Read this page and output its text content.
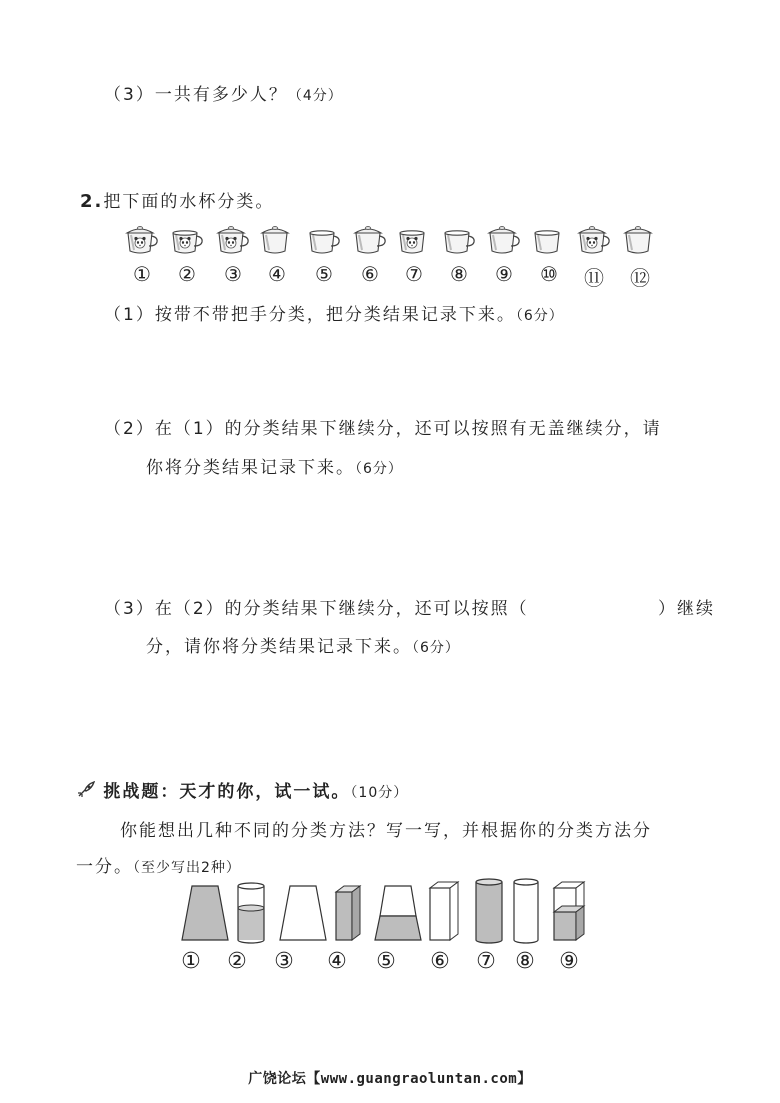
（3）一共有多少人？（4分）
2.把下面的水杯分类。
①	②	③	④	⑤	⑥	⑦	⑧	⑨	⑩	⑪ ⑫
（1）按带不带把手分类，把分类结果记录下来。（6分）
（2）在（1）的分类结果下继续分，还可以按照有无盖继续分，请
你将分类结果记录下来。（6分）
（3）在（2）的分类结果下继续分，还可以按照（	）继续
分，请你将分类结果记录下来。（6分）
挑战题：天才的你，试一试。（10分）
你能想出几种不同的分类方法？写一写，并根据你的分类方法分
一分。（至少写出2种）
① ② ③ ④ ⑤ ⑥ ⑦ ⑧ ⑨
广饶论坛【www.guangraoluntan.com】
